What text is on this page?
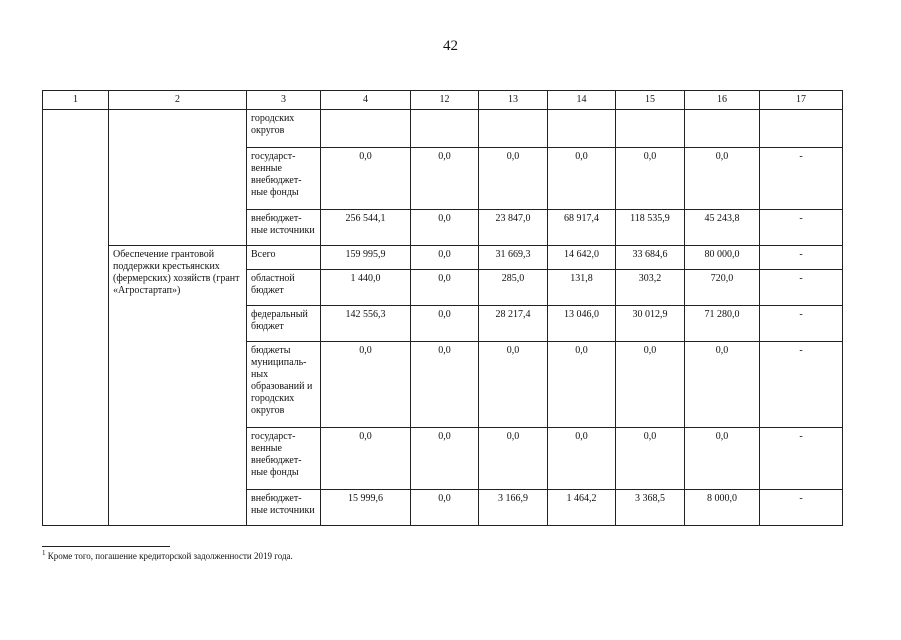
42
1	2	3	4	12	13	14	15	16	17
		городских округов							
		государст-венные внебюджет-ные фонды	0,0	0,0	0,0	0,0	0,0	0,0	-
		внебюджет-ные источники	256 544,1	0,0	23 847,0	68 917,4	118 535,9	45 243,8	-
	Обеспечение грантовой поддержки крестьянских (фермерских) хозяйств (грант «Агростартап»)	Всего	159 995,9	0,0	31 669,3	14 642,0	33 684,6	80 000,0	-
		областной бюджет	1 440,0	0,0	285,0	131,8	303,2	720,0	-
		федеральный бюджет	142 556,3	0,0	28 217,4	13 046,0	30 012,9	71 280,0	-
		бюджеты муниципаль-ных образований и городских округов	0,0	0,0	0,0	0,0	0,0	0,0	-
		государст-венные внебюджет-ные фонды	0,0	0,0	0,0	0,0	0,0	0,0	-
		внебюджет-ные источники	15 999,6	0,0	3 166,9	1 464,2	3 368,5	8 000,0	-
$^1$ Кроме того, погашение кредиторской задолженности 2019 года.
